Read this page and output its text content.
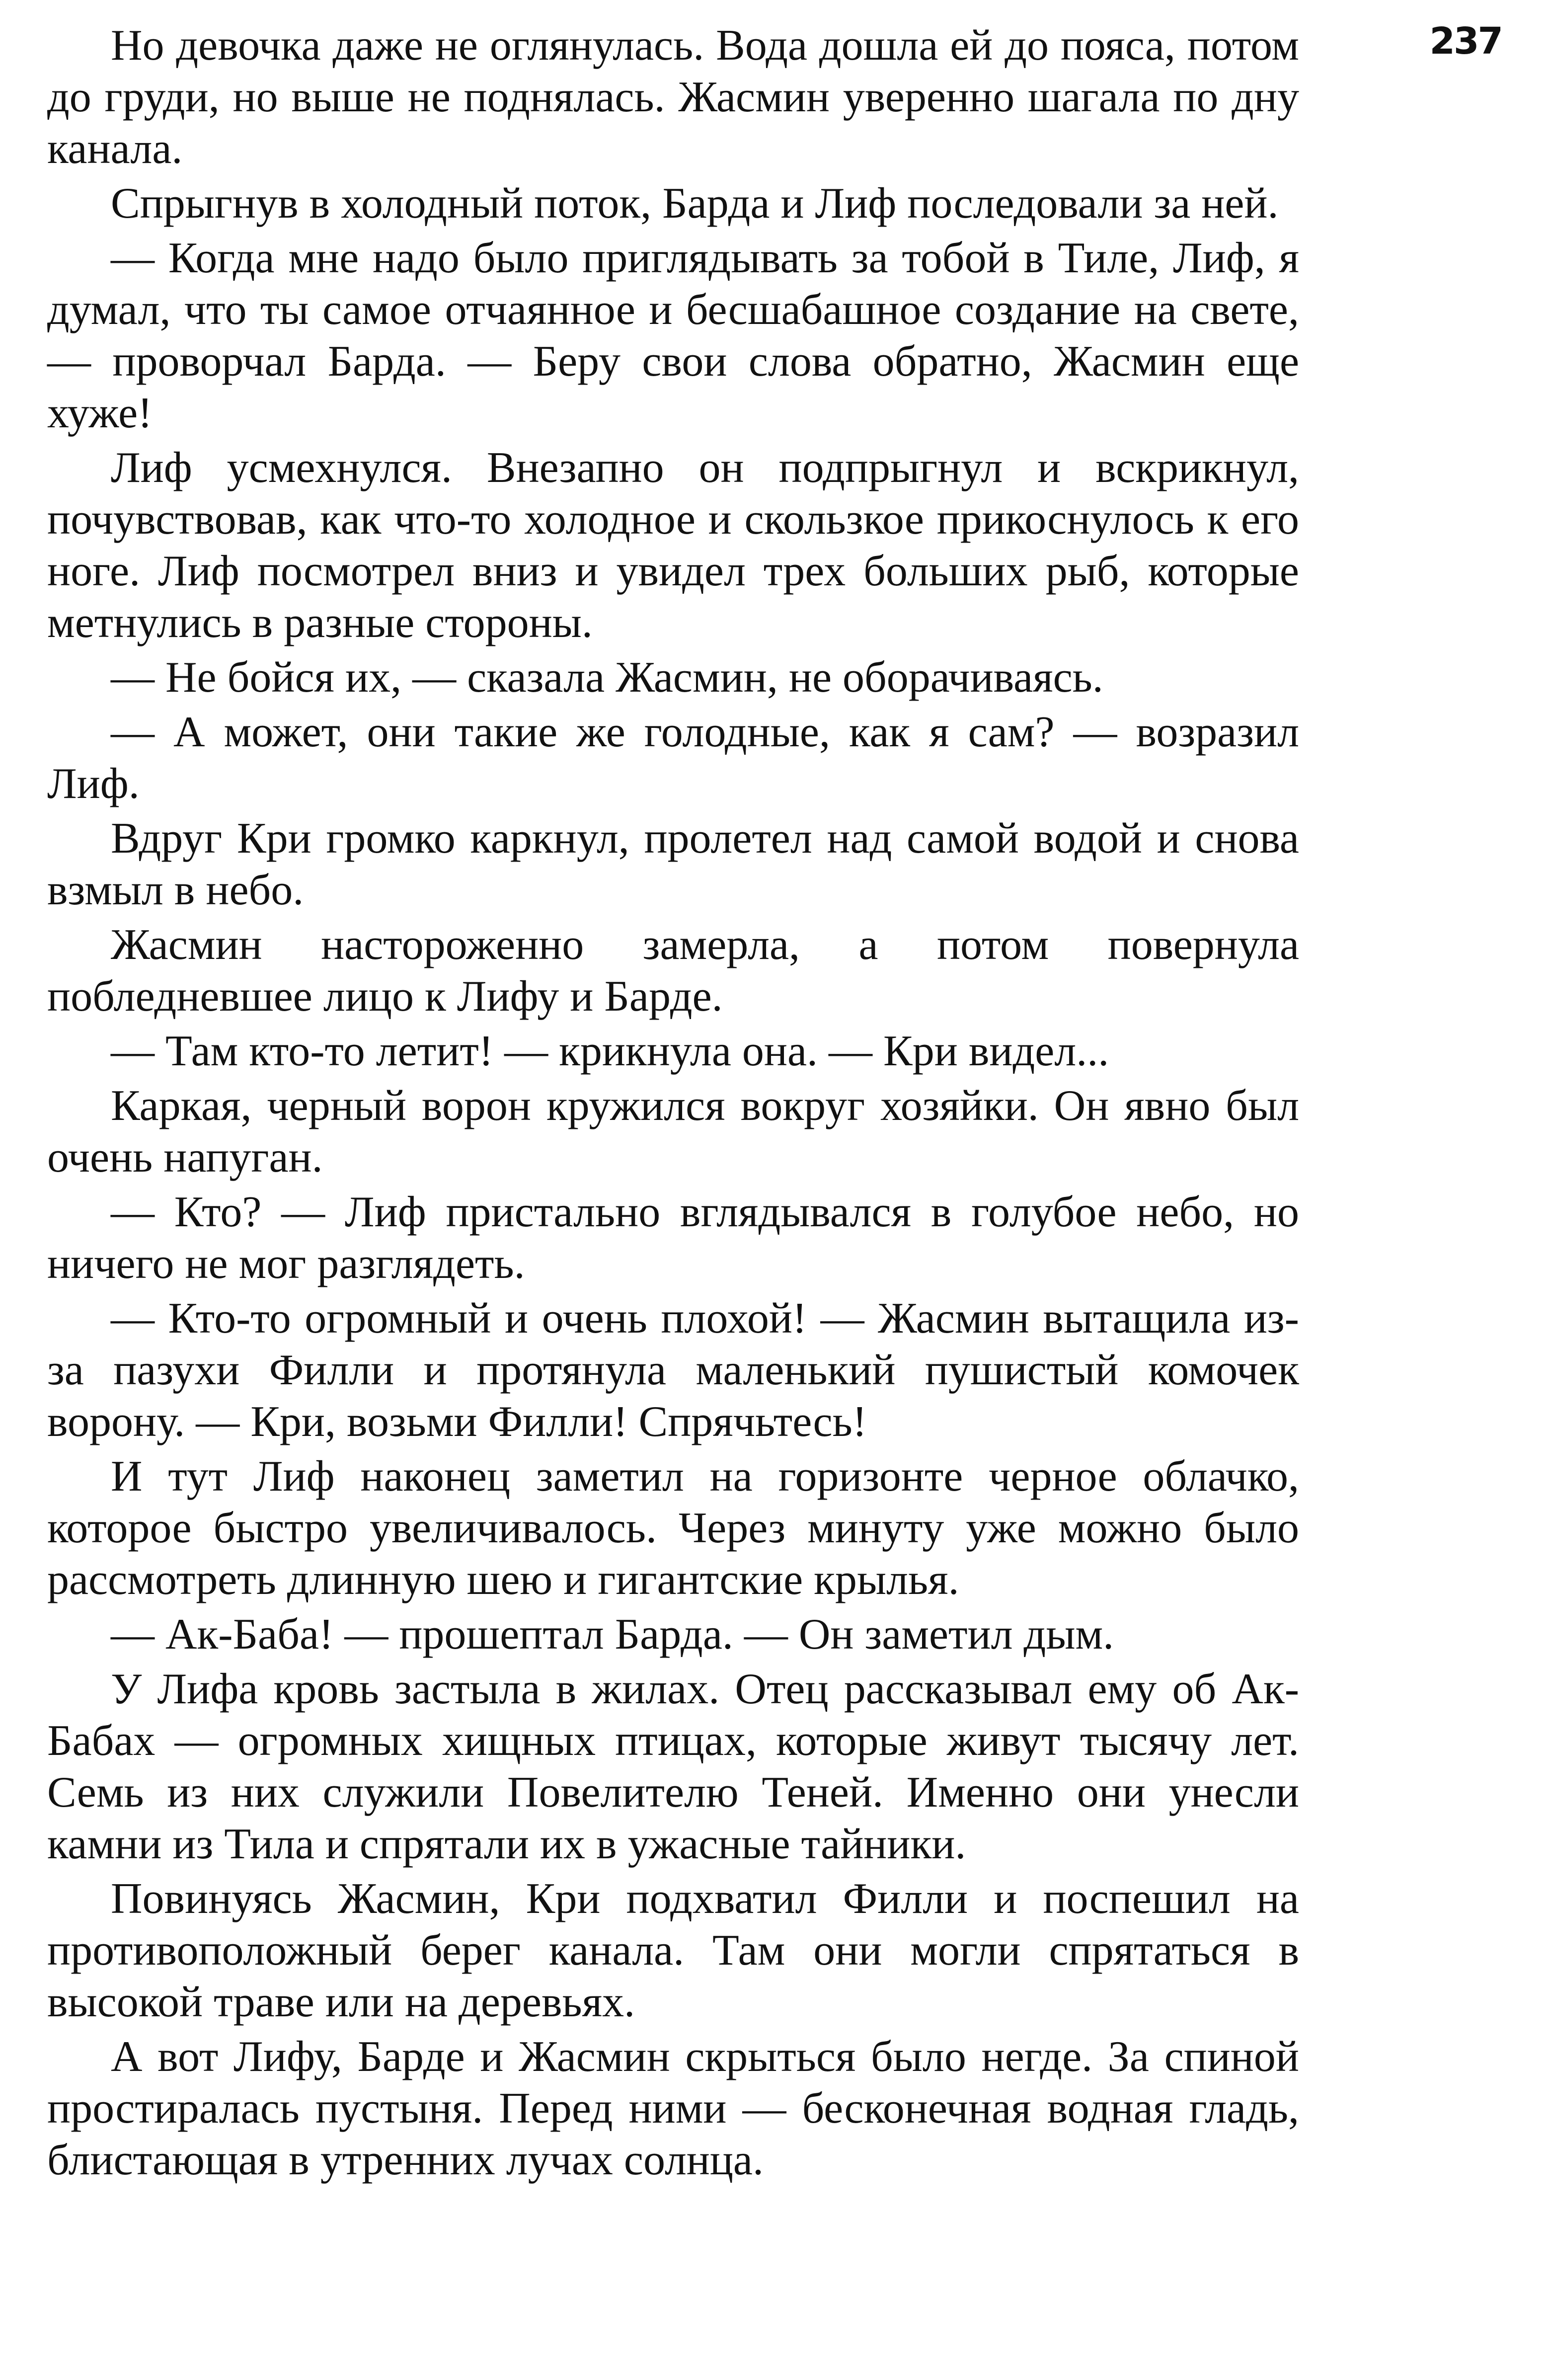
237

Но девочка даже не оглянулась. Вода дошла ей до пояса, потом до груди, но выше не поднялась. Жасмин уверенно шагала по дну канала.

Спрыгнув в холодный поток, Барда и Лиф последовали за ней.

— Когда мне надо было приглядывать за тобой в Тиле, Лиф, я думал, что ты самое отчаянное и бесшабашное создание на свете, — проворчал Барда. — Беру свои слова обратно, Жасмин еще хуже!

Лиф усмехнулся. Внезапно он подпрыгнул и вскрикнул, почувствовав, как что-то холодное и скользкое прикоснулось к его ноге. Лиф посмотрел вниз и увидел трех больших рыб, которые метнулись в разные стороны.

— Не бойся их, — сказала Жасмин, не оборачиваясь.

— А может, они такие же голодные, как я сам? — возразил Лиф.

Вдруг Кри громко каркнул, пролетел над самой водой и снова взмыл в небо.

Жасмин настороженно замерла, а потом повернула побледневшее лицо к Лифу и Барде.

— Там кто-то летит! — крикнула она. — Кри видел...

Каркая, черный ворон кружился вокруг хозяйки. Он явно был очень напуган.

— Кто? — Лиф пристально вглядывался в голубое небо, но ничего не мог разглядеть.

— Кто-то огромный и очень плохой! — Жасмин вытащила из-за пазухи Филли и протянула маленький пушистый комочек ворону. — Кри, возьми Филли! Спрячьтесь!

И тут Лиф наконец заметил на горизонте черное облачко, которое быстро увеличивалось. Через минуту уже можно было рассмотреть длинную шею и гигантские крылья.

— Ак-Баба! — прошептал Барда. — Он заметил дым.

У Лифа кровь застыла в жилах. Отец рассказывал ему об Ак-Бабах — огромных хищных птицах, которые живут тысячу лет. Семь из них служили Повелителю Теней. Именно они унесли камни из Тила и спрятали их в ужасные тайники.

Повинуясь Жасмин, Кри подхватил Филли и поспешил на противоположный берег канала. Там они могли спрятаться в высокой траве или на деревьях.

А вот Лифу, Барде и Жасмин скрыться было негде. За спиной простиралась пустыня. Перед ними — бесконечная водная гладь, блистающая в утренних лучах солнца.
